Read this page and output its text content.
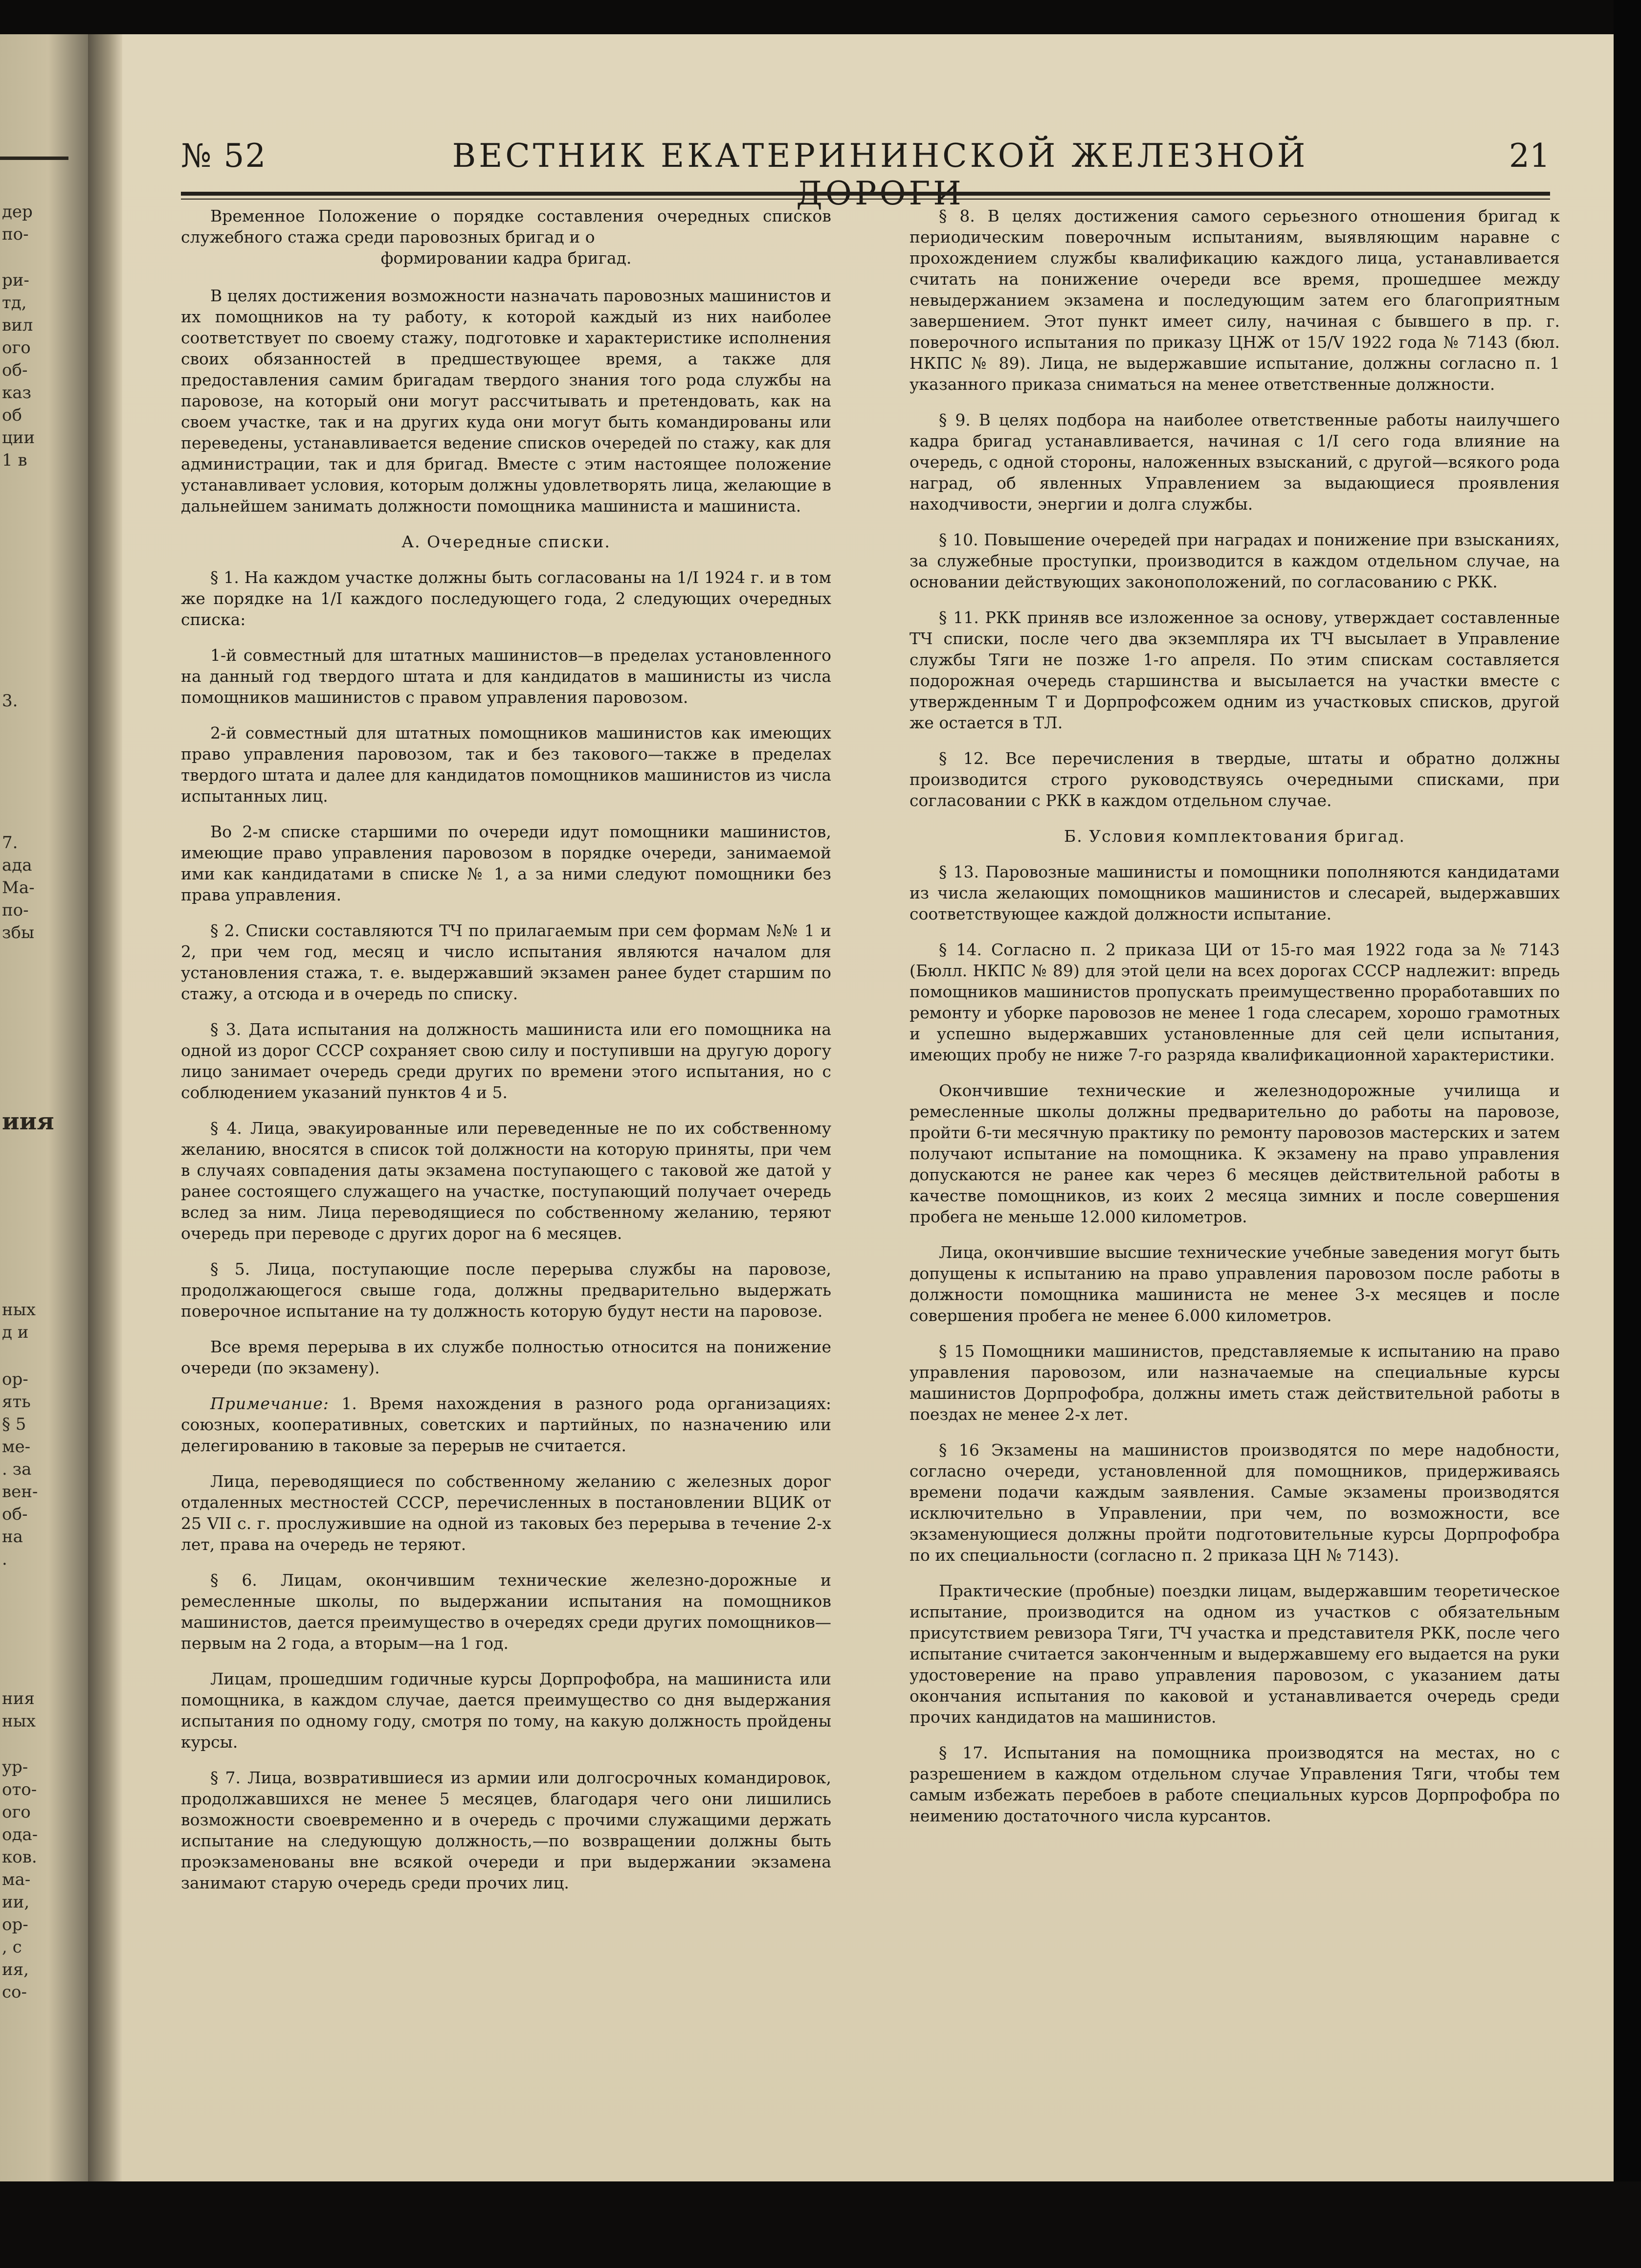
дер
по-
ри-
тд,
вил
ого
об-
каз
об
ции
1 в
3.
7.
ада
Ма-
по-
збы
иия
ных
д и
ор-
ять
§ 5
ме-
. за
вен-
об-
на
.
ния
ных
ур-
ото-
ого
ода-
ков.
ма-
ии,
ор-
, с
ия,
со-
№ 52	ВЕСТНИК ЕКАТЕРИНИНСКОЙ ЖЕЛЕЗНОЙ	21

Временное Положение о порядке составления очередных списков служебного стажа среди паровозных бригад и о

формировании кадра бригад.

В целях достижения возможности назначать паровозных машинистов и их помощников на ту работу, к которой каждый из них наиболее соответствует по своему стажу, подготовке и характеристике исполнения своих обязанностей в предшествующее время, а также для предоставления самим бригадам твердого знания того рода службы на паровозе, на который они могут рассчитывать и претендовать, как на своем участке, так и на других куда они могут быть командированы или переведены, устанавливается ведение списков очередей по стажу, как для администрации, так и для бригад. Вместе с этим настоящее положение устанавливает условия, которым должны удовлетворять лица, желающие в дальнейшем занимать должности помощника машиниста и машиниста.

А. Очередные списки.

§ 1. На каждом участке должны быть согласованы на 1/I 1924 г. и в том же порядке на 1/I каждого последующего года, 2 следующих очередных списка:

1-й совместный для штатных машинистов—в пределах установленного на данный год твердого штата и для кандидатов в машинисты из числа помощников машинистов с правом управления паровозом.

2-й совместный для штатных помощников машинистов как имеющих право управления паровозом, так и без такового—также в пределах твердого штата и далее для кандидатов помощников машинистов из числа испытанных лиц.

Во 2-м списке старшими по очереди идут помощники машинистов, имеющие право управления паровозом в порядке очереди, занимаемой ими как кандидатами в списке № 1, а за ними следуют помощники без права управления.

§ 2. Списки составляются ТЧ по прилагаемым при сем формам №№ 1 и 2, при чем год, месяц и число испытания являются началом для установления стажа, т. е. выдержавший экзамен ранее будет старшим по стажу, а отсюда и в очередь по списку.

§ 3. Дата испытания на должность машиниста или его помощника на одной из дорог СССР сохраняет свою силу и поступивши на другую дорогу лицо занимает очередь среди других по времени этого испытания, но с соблюдением указаний пунктов 4 и 5.

§ 4. Лица, эвакуированные или переведенные не по их собственному желанию, вносятся в список той должности на которую приняты, при чем в случаях совпадения даты экзамена поступающего с таковой же датой у ранее состоящего служащего на участке, поступающий получает очередь вслед за ним. Лица переводящиеся по собственному желанию, теряют очередь при переводе с других дорог на 6 месяцев.

§ 5. Лица, поступающие после перерыва службы на паровозе, продолжающегося свыше года, должны предварительно выдержать поверочное испытание на ту должность которую будут нести на паровозе.

Все время перерыва в их службе полностью относится на понижение очереди (по экзамену).

Примечание: 1. Время нахождения в разного рода организациях: союзных, кооперативных, советских и партийных, по назначению или делегированию в таковые за перерыв не считается.

Лица, переводящиеся по собственному желанию с железных дорог отдаленных местностей СССР, перечисленных в постановлении ВЦИК от 25 VII с. г. прослужившие на одной из таковых без перерыва в течение 2-х лет, права на очередь не теряют.

§ 6. Лицам, окончившим технические железно-дорожные и ремесленные школы, по выдержании испытания на помощников машинистов, дается преимущество в очередях среди других помощников—первым на 2 года, а вторым—на 1 год.

Лицам, прошедшим годичные курсы Дорпрофобра, на машиниста или помощника, в каждом случае, дается преимущество со дня выдержания испытания по одному году, смотря по тому, на какую должность пройдены курсы.

§ 7. Лица, возвратившиеся из армии или долгосрочных командировок, продолжавшихся не менее 5 месяцев, благодаря чего они лишились возможности своевременно и в очередь с прочими служащими держать испытание на следующую должность,—по возвращении должны быть проэкзаменованы вне всякой очереди и при выдержании экзамена занимают старую очередь среди прочих лиц.

§ 8. В целях достижения самого серьезного отношения бригад к периодическим поверочным испытаниям, выявляющим наравне с прохождением службы квалификацию каждого лица, устанавливается считать на понижение очереди все время, прошедшее между невыдержанием экзамена и последующим затем его благоприятным завершением. Этот пункт имеет силу, начиная с бывшего в пр. г. поверочного испытания по приказу ЦНЖ от 15/V 1922 года № 7143 (бюл. НКПС № 89). Лица, не выдержавшие испытание, должны согласно п. 1 указанного приказа сниматься на менее ответственные должности.

§ 9. В целях подбора на наиболее ответственные работы наилучшего кадра бригад устанавливается, начиная с 1/I сего года влияние на очередь, с одной стороны, наложенных взысканий, с другой—всякого рода наград, об явленных Управлением за выдающиеся проявления находчивости, энергии и долга службы.

§ 10. Повышение очередей при наградах и понижение при взысканиях, за служебные проступки, производится в каждом отдельном случае, на основании действующих законоположений, по согласованию с РКК.

§ 11. РКК приняв все изложенное за основу, утверждает составленные ТЧ списки, после чего два экземпляра их ТЧ высылает в Управление службы Тяги не позже 1-го апреля. По этим спискам составляется подорожная очередь старшинства и высылается на участки вместе с утвержденным Т и Дорпрофсожем одним из участковых списков, другой же остается в ТЛ.

§ 12. Все перечисления в твердые, штаты и обратно должны производится строго руководствуясь очередными списками, при согласовании с РКК в каждом отдельном случае.

Б. Условия комплектования бригад.

§ 13. Паровозные машинисты и помощники пополняются кандидатами из числа желающих помощников машинистов и слесарей, выдержавших соответствующее каждой должности испытание.

§ 14. Согласно п. 2 приказа ЦИ от 15-го мая 1922 года за № 7143 (Бюлл. НКПС № 89) для этой цели на всех дорогах СССР надлежит: впредь помощников машинистов пропускать преимущественно проработавших по ремонту и уборке паровозов не менее 1 года слесарем, хорошо грамотных и успешно выдержавших установленные для сей цели испытания, имеющих пробу не ниже 7-го разряда квалификационной характеристики.

Окончившие технические и железнодорожные училища и ремесленные школы должны предварительно до работы на паровозе, пройти 6-ти месячную практику по ремонту паровозов мастерских и затем получают испытание на помощника. К экзамену на право управления допускаются не ранее как через 6 месяцев действительной работы в качестве помощников, из коих 2 месяца зимних и после совершения пробега не меньше 12.000 километров.

Лица, окончившие высшие технические учебные заведения могут быть допущены к испытанию на право управления паровозом после работы в должности помощника машиниста не менее 3-х месяцев и после совершения пробега не менее 6.000 километров.

§ 15 Помощники машинистов, представляемые к испытанию на право управления паровозом, или назначаемые на специальные курсы машинистов Дорпрофобра, должны иметь стаж действительной работы в поездах не менее 2-х лет.

§ 16 Экзамены на машинистов производятся по мере надобности, согласно очереди, установленной для помощников, придерживаясь времени подачи каждым заявления. Самые экзамены производятся исключительно в Управлении, при чем, по возможности, все экзаменующиеся должны пройти подготовительные курсы Дорпрофобра по их специальности (согласно п. 2 приказа ЦН № 7143).

Практические (пробные) поездки лицам, выдержавшим теоретическое испытание, производится на одном из участков с обязательным присутствием ревизора Тяги, ТЧ участка и представителя РКК, после чего испытание считается законченным и выдержавшему его выдается на руки удостоверение на право управления паровозом, с указанием даты окончания испытания по каковой и устанавливается очередь среди прочих кандидатов на машинистов.

§ 17. Испытания на помощника производятся на местах, но с разрешением в каждом отдельном случае Управления Тяги, чтобы тем самым избежать перебоев в работе специальных курсов Дорпрофобра по неимению достаточного числа курсантов.
